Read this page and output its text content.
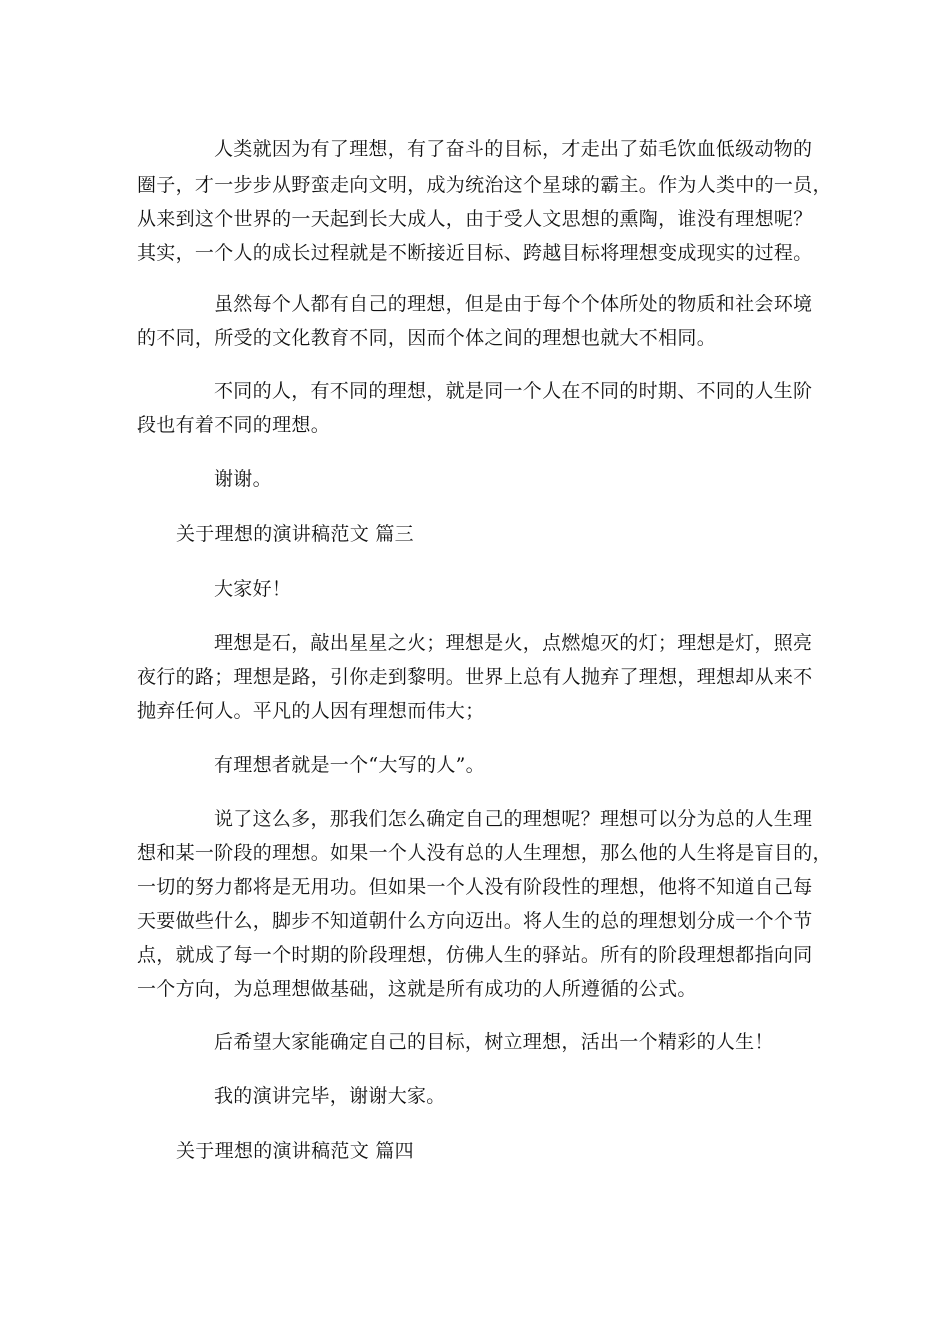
人类就因为有了理想，有了奋斗的目标，才走出了茹毛饮血低级动物的
圈子，才一步步从野蛮走向文明，成为统治这个星球的霸主。作为人类中的一员，
从来到这个世界的一天起到长大成人，由于受人文思想的熏陶，谁没有理想呢？
其实，一个人的成长过程就是不断接近目标、跨越目标将理想变成现实的过程。
虽然每个人都有自己的理想，但是由于每个个体所处的物质和社会环境
的不同，所受的文化教育不同，因而个体之间的理想也就大不相同。
不同的人，有不同的理想，就是同一个人在不同的时期、不同的人生阶
段也有着不同的理想。
谢谢。
关于理想的演讲稿范文 篇三
大家好！
理想是石，敲出星星之火；理想是火，点燃熄灭的灯；理想是灯，照亮
夜行的路；理想是路，引你走到黎明。世界上总有人抛弃了理想，理想却从来不
抛弃任何人。平凡的人因有理想而伟大；
有理想者就是一个“大写的人”。
说了这么多，那我们怎么确定自己的理想呢？理想可以分为总的人生理
想和某一阶段的理想。如果一个人没有总的人生理想，那么他的人生将是盲目的，
一切的努力都将是无用功。但如果一个人没有阶段性的理想，他将不知道自己每
天要做些什么，脚步不知道朝什么方向迈出。将人生的总的理想划分成一个个节
点，就成了每一个时期的阶段理想，仿佛人生的驿站。所有的阶段理想都指向同
一个方向，为总理想做基础，这就是所有成功的人所遵循的公式。
后希望大家能确定自己的目标，树立理想，活出一个精彩的人生！
我的演讲完毕，谢谢大家。
关于理想的演讲稿范文 篇四
